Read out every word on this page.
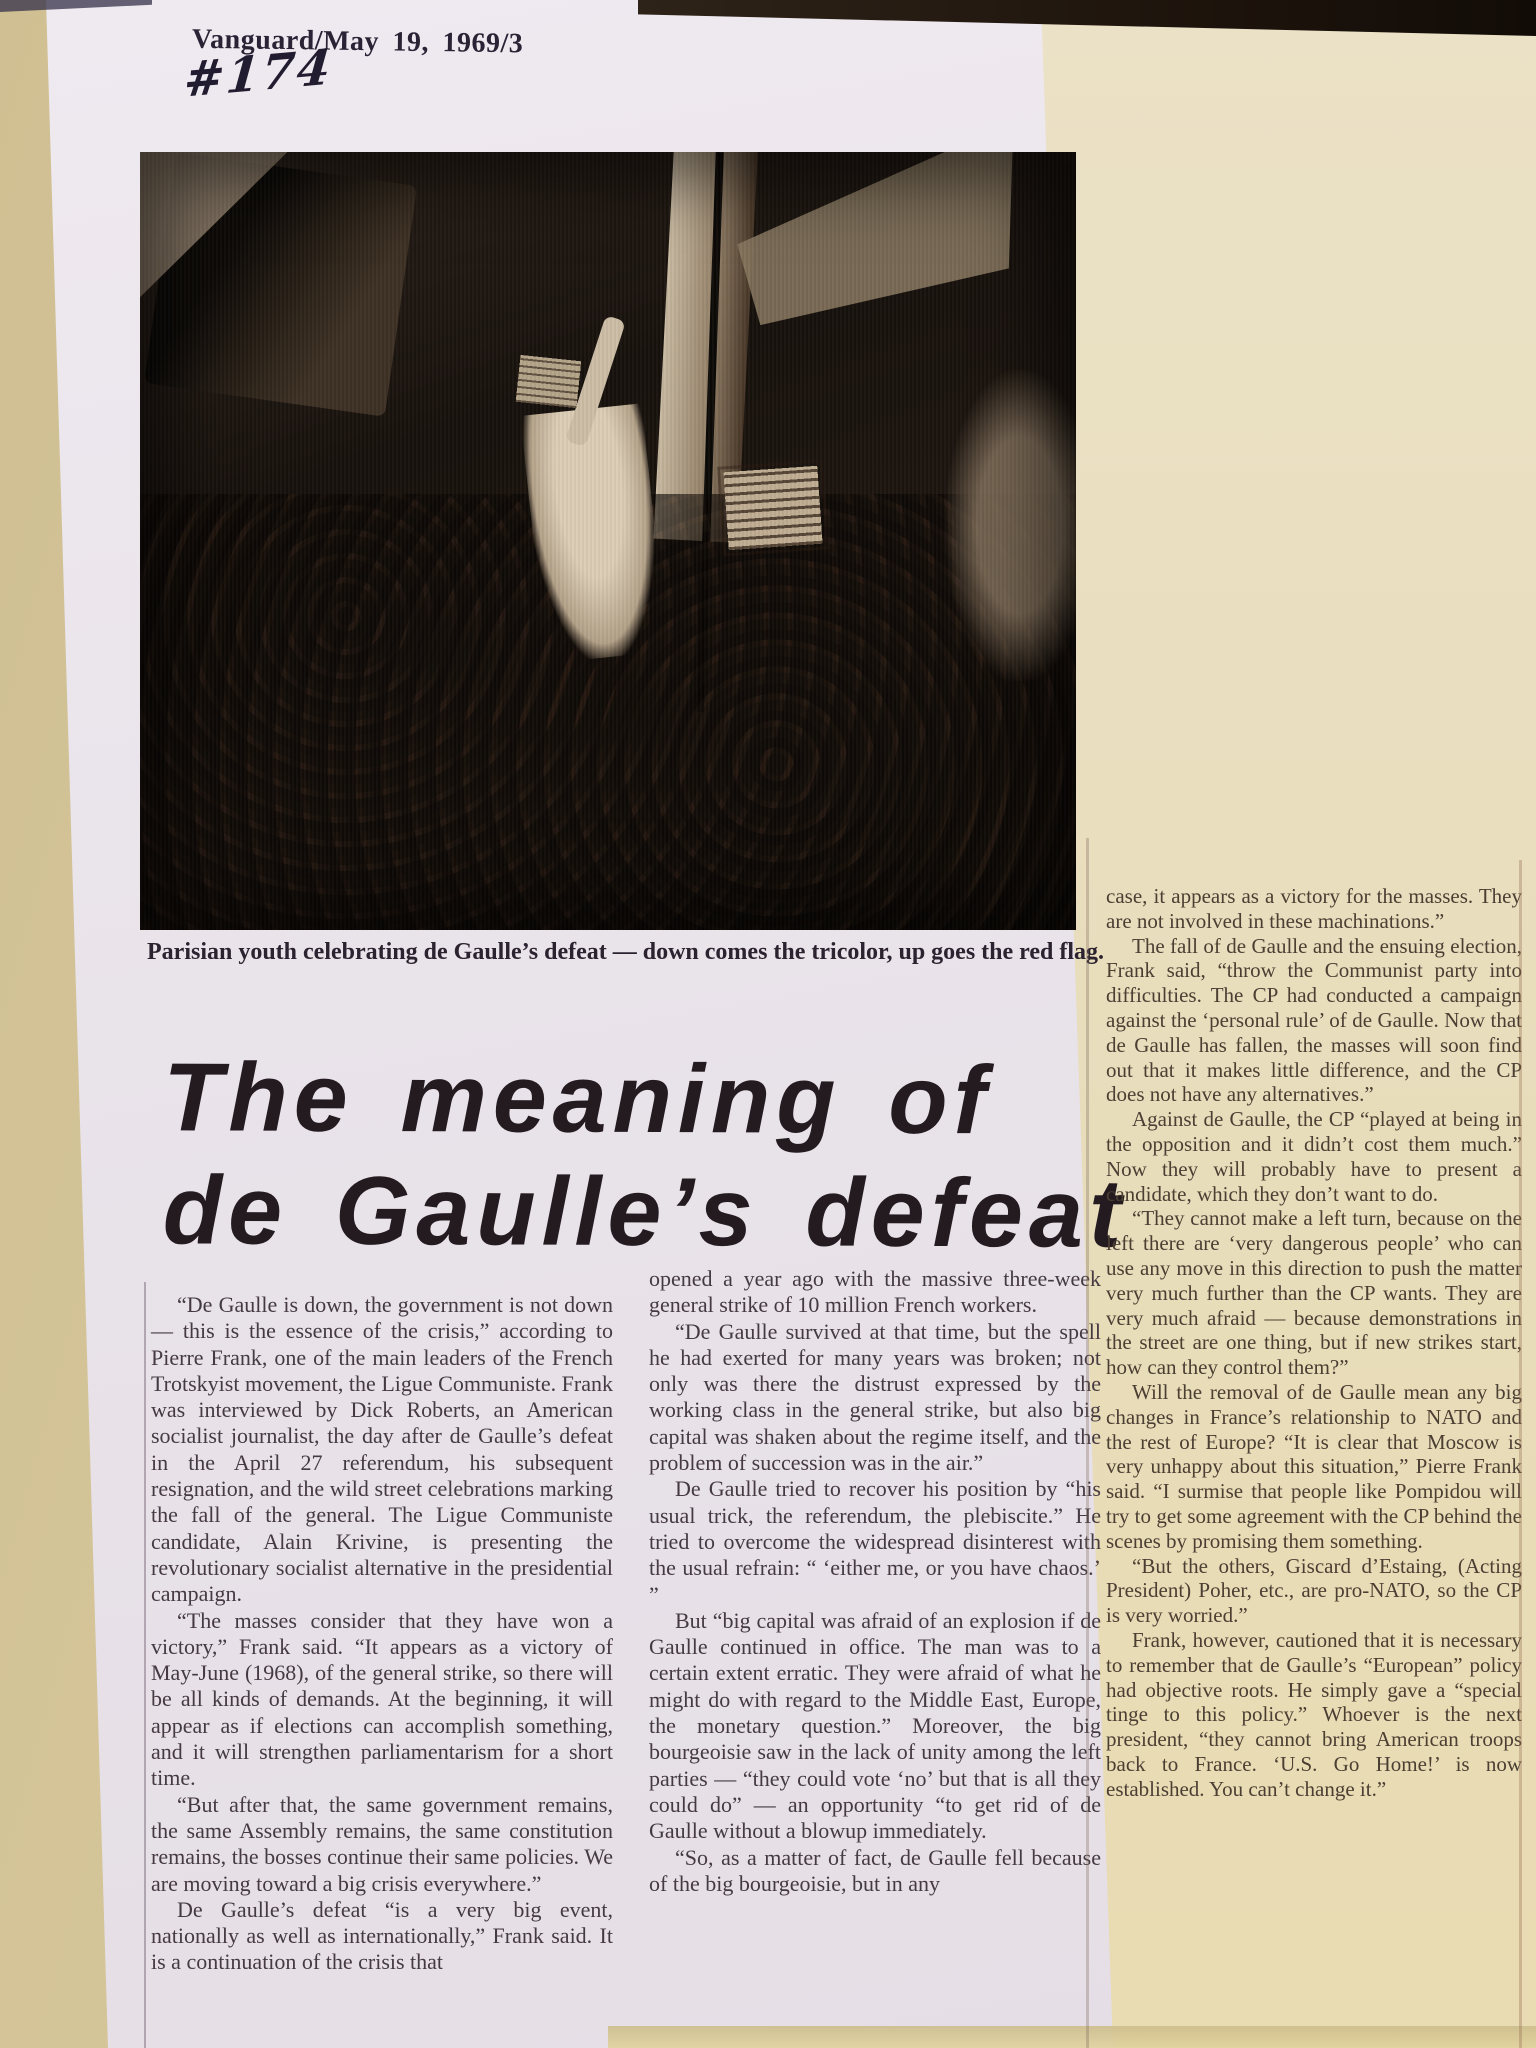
Vanguard/May 19, 1969/3
#174
Parisian youth celebrating de Gaulle’s defeat — down comes the tricolor, up goes the red flag.
The meaning of
de Gaulle’s defeat

“De Gaulle is down, the government is not down — this is the essence of the crisis,” according to Pierre Frank, one of the main leaders of the French Trotskyist movement, the Ligue Communiste. Frank was interviewed by Dick Roberts, an American socialist journalist, the day after de Gaulle’s defeat in the April 27 referendum, his subsequent resignation, and the wild street celebrations marking the fall of the general. The Ligue Communiste candidate, Alain Krivine, is presenting the revolutionary socialist alternative in the presidential campaign.

“The masses consider that they have won a victory,” Frank said. “It appears as a victory of May-June (1968), of the general strike, so there will be all kinds of demands. At the beginning, it will appear as if elections can accomplish something, and it will strengthen parliamentarism for a short time.

“But after that, the same government remains, the same Assembly remains, the same constitution remains, the bosses continue their same policies. We are moving toward a big crisis everywhere.”

De Gaulle’s defeat “is a very big event, nationally as well as internationally,” Frank said. It is a continuation of the crisis that

opened a year ago with the massive three-week general strike of 10 million French workers.

“De Gaulle survived at that time, but the spell he had exerted for many years was broken; not only was there the distrust expressed by the working class in the general strike, but also big capital was shaken about the regime itself, and the problem of succession was in the air.”

De Gaulle tried to recover his position by “his usual trick, the referendum, the plebiscite.” He tried to overcome the widespread disinterest with the usual refrain: “ ‘either me, or you have chaos.’ ”

But “big capital was afraid of an explosion if de Gaulle continued in office. The man was to a certain extent erratic. They were afraid of what he might do with regard to the Middle East, Europe, the monetary question.” Moreover, the big bourgeoisie saw in the lack of unity among the left parties — “they could vote ‘no’ but that is all they could do” — an opportunity “to get rid of de Gaulle without a blowup immediately.

“So, as a matter of fact, de Gaulle fell because of the big bourgeoisie, but in any

case, it appears as a victory for the masses. They are not involved in these machinations.”

The fall of de Gaulle and the ensuing election, Frank said, “throw the Communist party into difficulties. The CP had conducted a campaign against the ‘personal rule’ of de Gaulle. Now that de Gaulle has fallen, the masses will soon find out that it makes little difference, and the CP does not have any alternatives.”

Against de Gaulle, the CP “played at being in the opposition and it didn’t cost them much.” Now they will probably have to present a candidate, which they don’t want to do.

“They cannot make a left turn, because on the left there are ‘very dangerous people’ who can use any move in this direction to push the matter very much further than the CP wants. They are very much afraid — because demonstrations in the street are one thing, but if new strikes start, how can they control them?”

Will the removal of de Gaulle mean any big changes in France’s relationship to NATO and the rest of Europe? “It is clear that Moscow is very unhappy about this situation,” Pierre Frank said. “I surmise that people like Pompidou will try to get some agreement with the CP behind the scenes by promising them something.

“But the others, Giscard d’Estaing, (Acting President) Poher, etc., are pro-NATO, so the CP is very worried.”

Frank, however, cautioned that it is necessary to remember that de Gaulle’s “European” policy had objective roots. He simply gave a “special tinge to this policy.” Whoever is the next president, “they cannot bring American troops back to France. ‘U.S. Go Home!’ is now established. You can’t change it.”
